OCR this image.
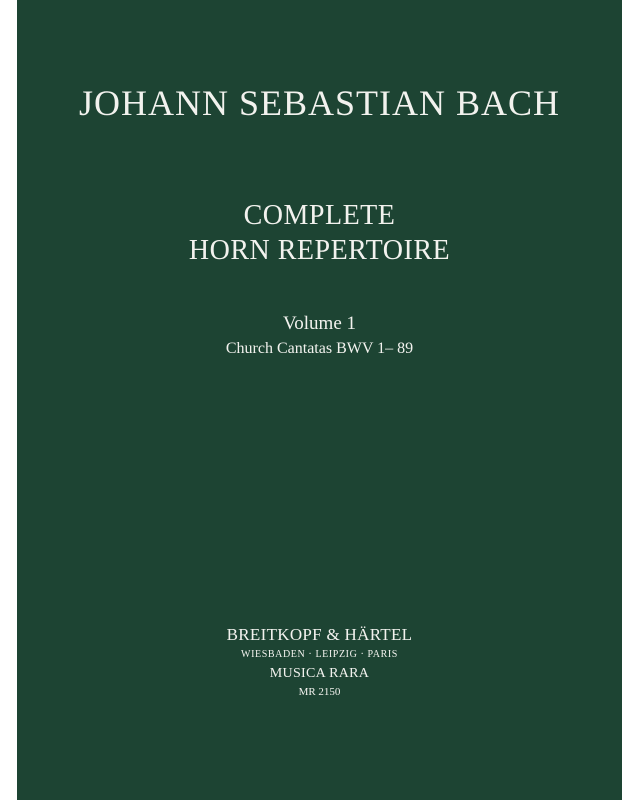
JOHANN SEBASTIAN BACH
COMPLETE
HORN REPERTOIRE
Volume 1
Church Cantatas BWV 1– 89
BREITKOPF & HÄRTEL
WIESBADEN · LEIPZIG · PARIS
MUSICA RARA
MR 2150
